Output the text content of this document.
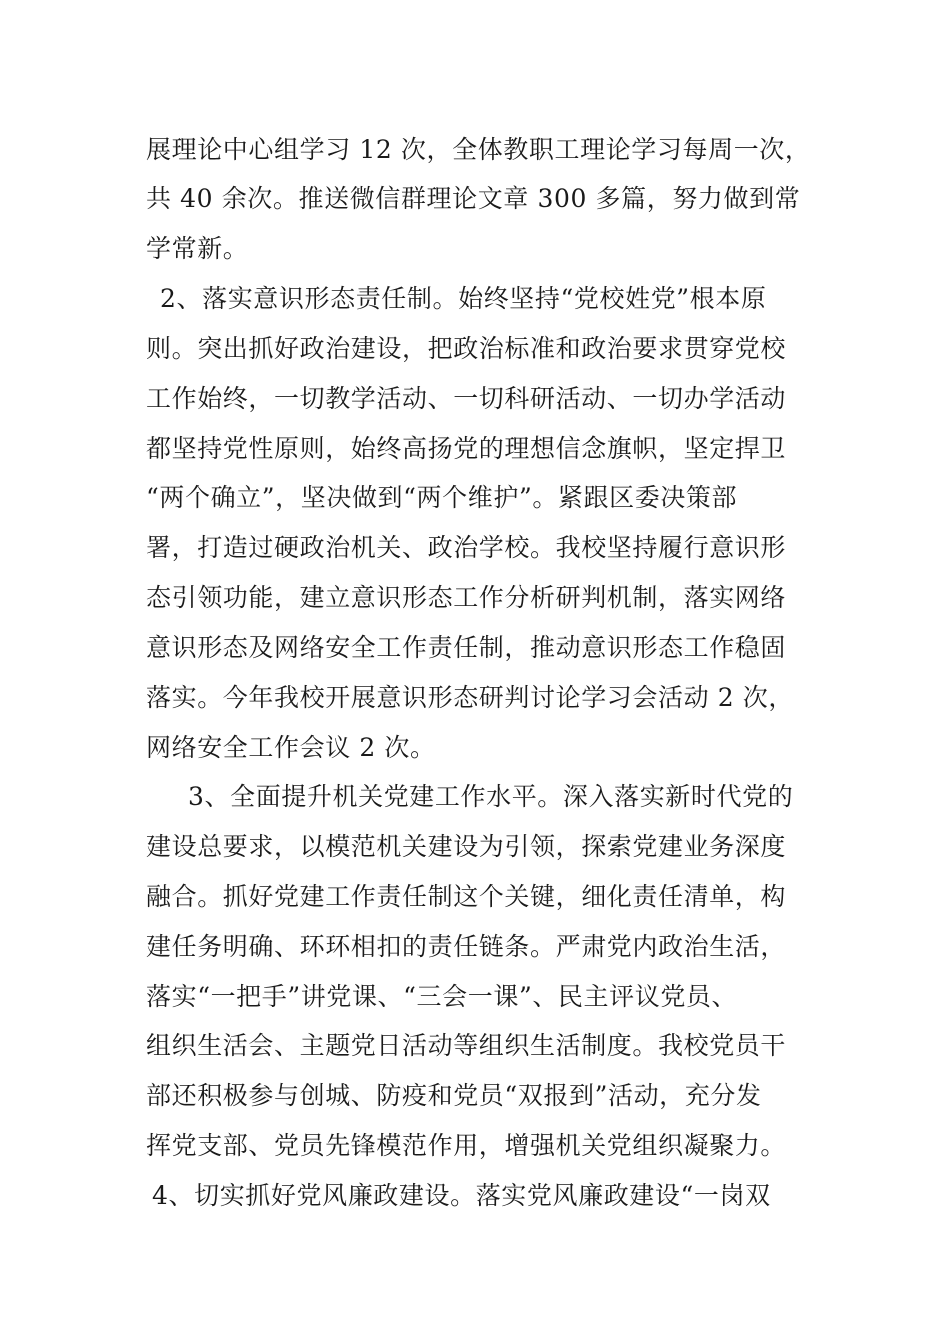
展理论中心组学习 12 次，全体教职工理论学习每周一次，
共 40 余次。推送微信群理论文章 300 多篇，努力做到常
学常新。
2、落实意识形态责任制。始终坚持“党校姓党”根本原
则。突出抓好政治建设，把政治标准和政治要求贯穿党校
工作始终，一切教学活动、一切科研活动、一切办学活动
都坚持党性原则，始终高扬党的理想信念旗帜，坚定捍卫
“两个确立”，坚决做到“两个维护”。紧跟区委决策部
署，打造过硬政治机关、政治学校。我校坚持履行意识形
态引领功能，建立意识形态工作分析研判机制，落实网络
意识形态及网络安全工作责任制，推动意识形态工作稳固
落实。今年我校开展意识形态研判讨论学习会活动 2 次，
网络安全工作会议 2 次。
3、全面提升机关党建工作水平。深入落实新时代党的
建设总要求，以模范机关建设为引领，探索党建业务深度
融合。抓好党建工作责任制这个关键，细化责任清单，构
建任务明确、环环相扣的责任链条。严肃党内政治生活，
落实“一把手”讲党课、“三会一课”、民主评议党员、
组织生活会、主题党日活动等组织生活制度。我校党员干
部还积极参与创城、防疫和党员“双报到”活动，充分发
挥党支部、党员先锋模范作用，增强机关党组织凝聚力。
4、切实抓好党风廉政建设。落实党风廉政建设“一岗双
